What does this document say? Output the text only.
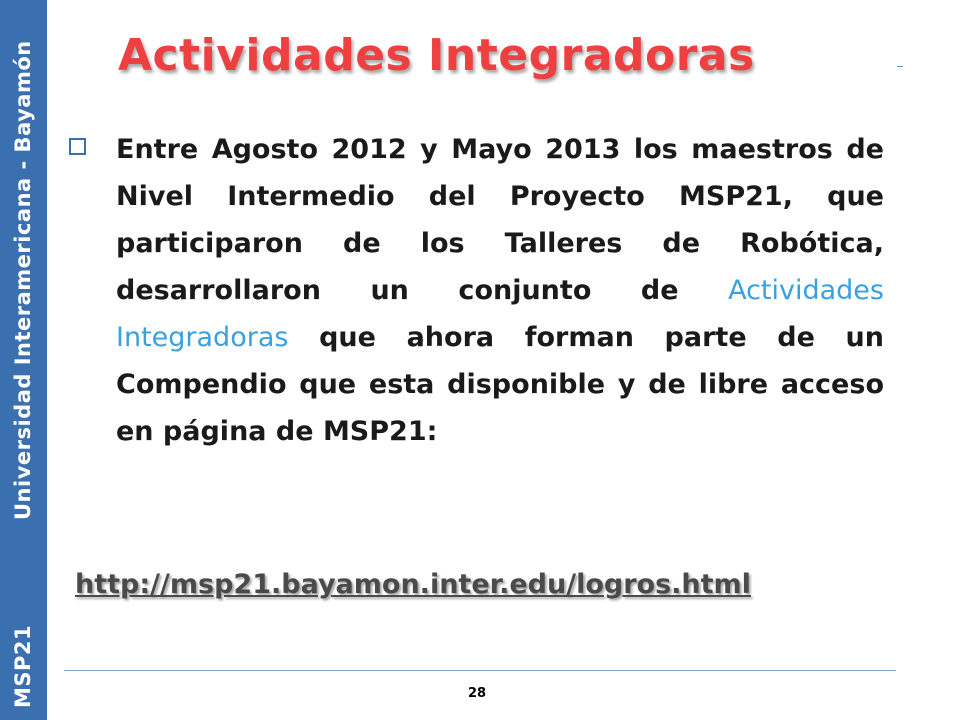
MSP21
Universidad Interamericana - Bayamón Actividades Integradoras

Entre Agosto 2012 y Mayo 2013 los maestros de Nivel Intermedio del Proyecto MSP21, que participaron de los Talleres de Robótica, desarrollaron un conjunto de Actividades Integradoras que ahora forman parte de un Compendio que esta disponible y de libre acceso en página de MSP21:

http://msp21.bayamon.inter.edu/logros.html
28
